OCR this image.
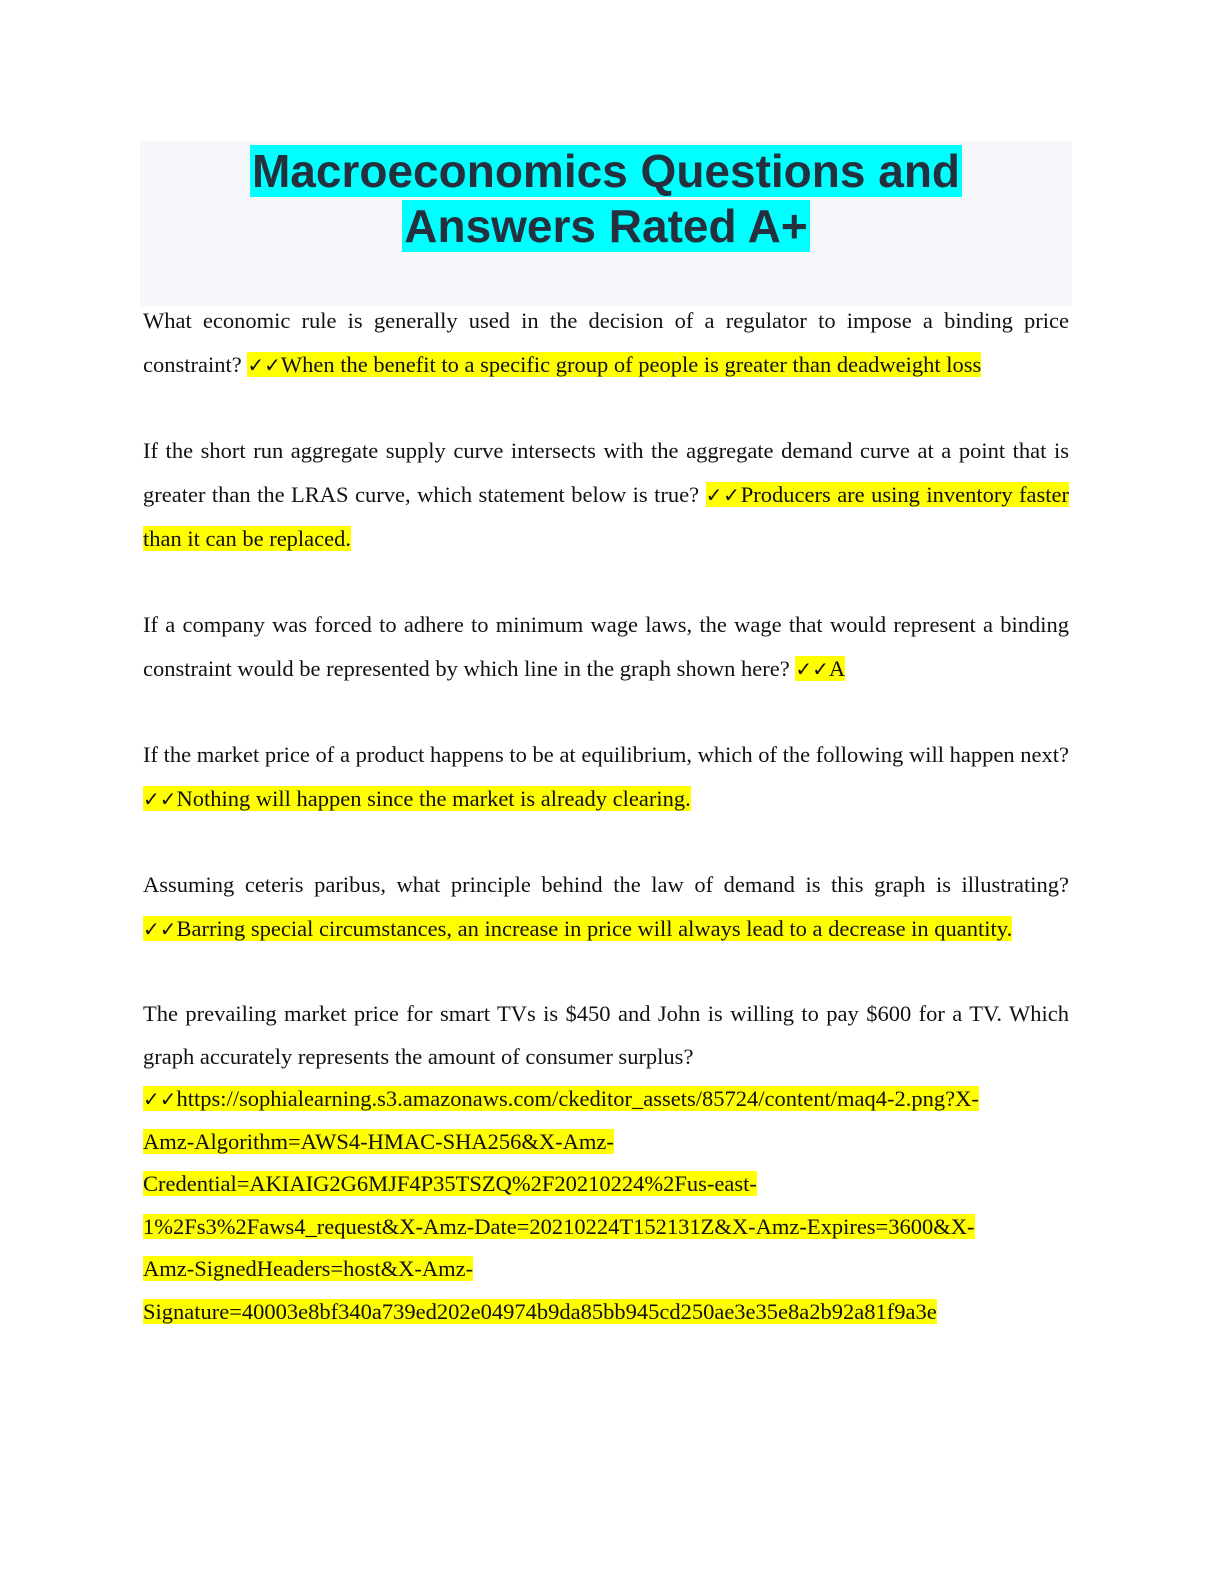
Macroeconomics Questions and
Answers Rated A+

What economic rule is generally used in the decision of a regulator to impose a binding price constraint? ✓✓When the benefit to a specific group of people is greater than deadweight loss

If the short run aggregate supply curve intersects with the aggregate demand curve at a point that is greater than the LRAS curve, which statement below is true? ✓✓Producers are using inventory faster than it can be replaced.

If a company was forced to adhere to minimum wage laws, the wage that would represent a binding constraint would be represented by which line in the graph shown here? ✓✓A

If the market price of a product happens to be at equilibrium, which of the following will happen next? ✓✓Nothing will happen since the market is already clearing.

Assuming ceteris paribus, what principle behind the law of demand is this graph is illustrating? ✓✓Barring special circumstances, an increase in price will always lead to a decrease in quantity.

The prevailing market price for smart TVs is $450 and John is willing to pay $600 for a TV. Which graph accurately represents the amount of consumer surplus?
✓✓https://sophialearning.s3.amazonaws.com/ckeditor_assets/85724/content/maq4-2.png?X-
Amz-Algorithm=AWS4-HMAC-SHA256&X-Amz-
Credential=AKIAIG2G6MJF4P35TSZQ%2F20210224%2Fus-east-
1%2Fs3%2Faws4_request&X-Amz-Date=20210224T152131Z&X-Amz-Expires=3600&X-
Amz-SignedHeaders=host&X-Amz-
Signature=40003e8bf340a739ed202e04974b9da85bb945cd250ae3e35e8a2b92a81f9a3e
